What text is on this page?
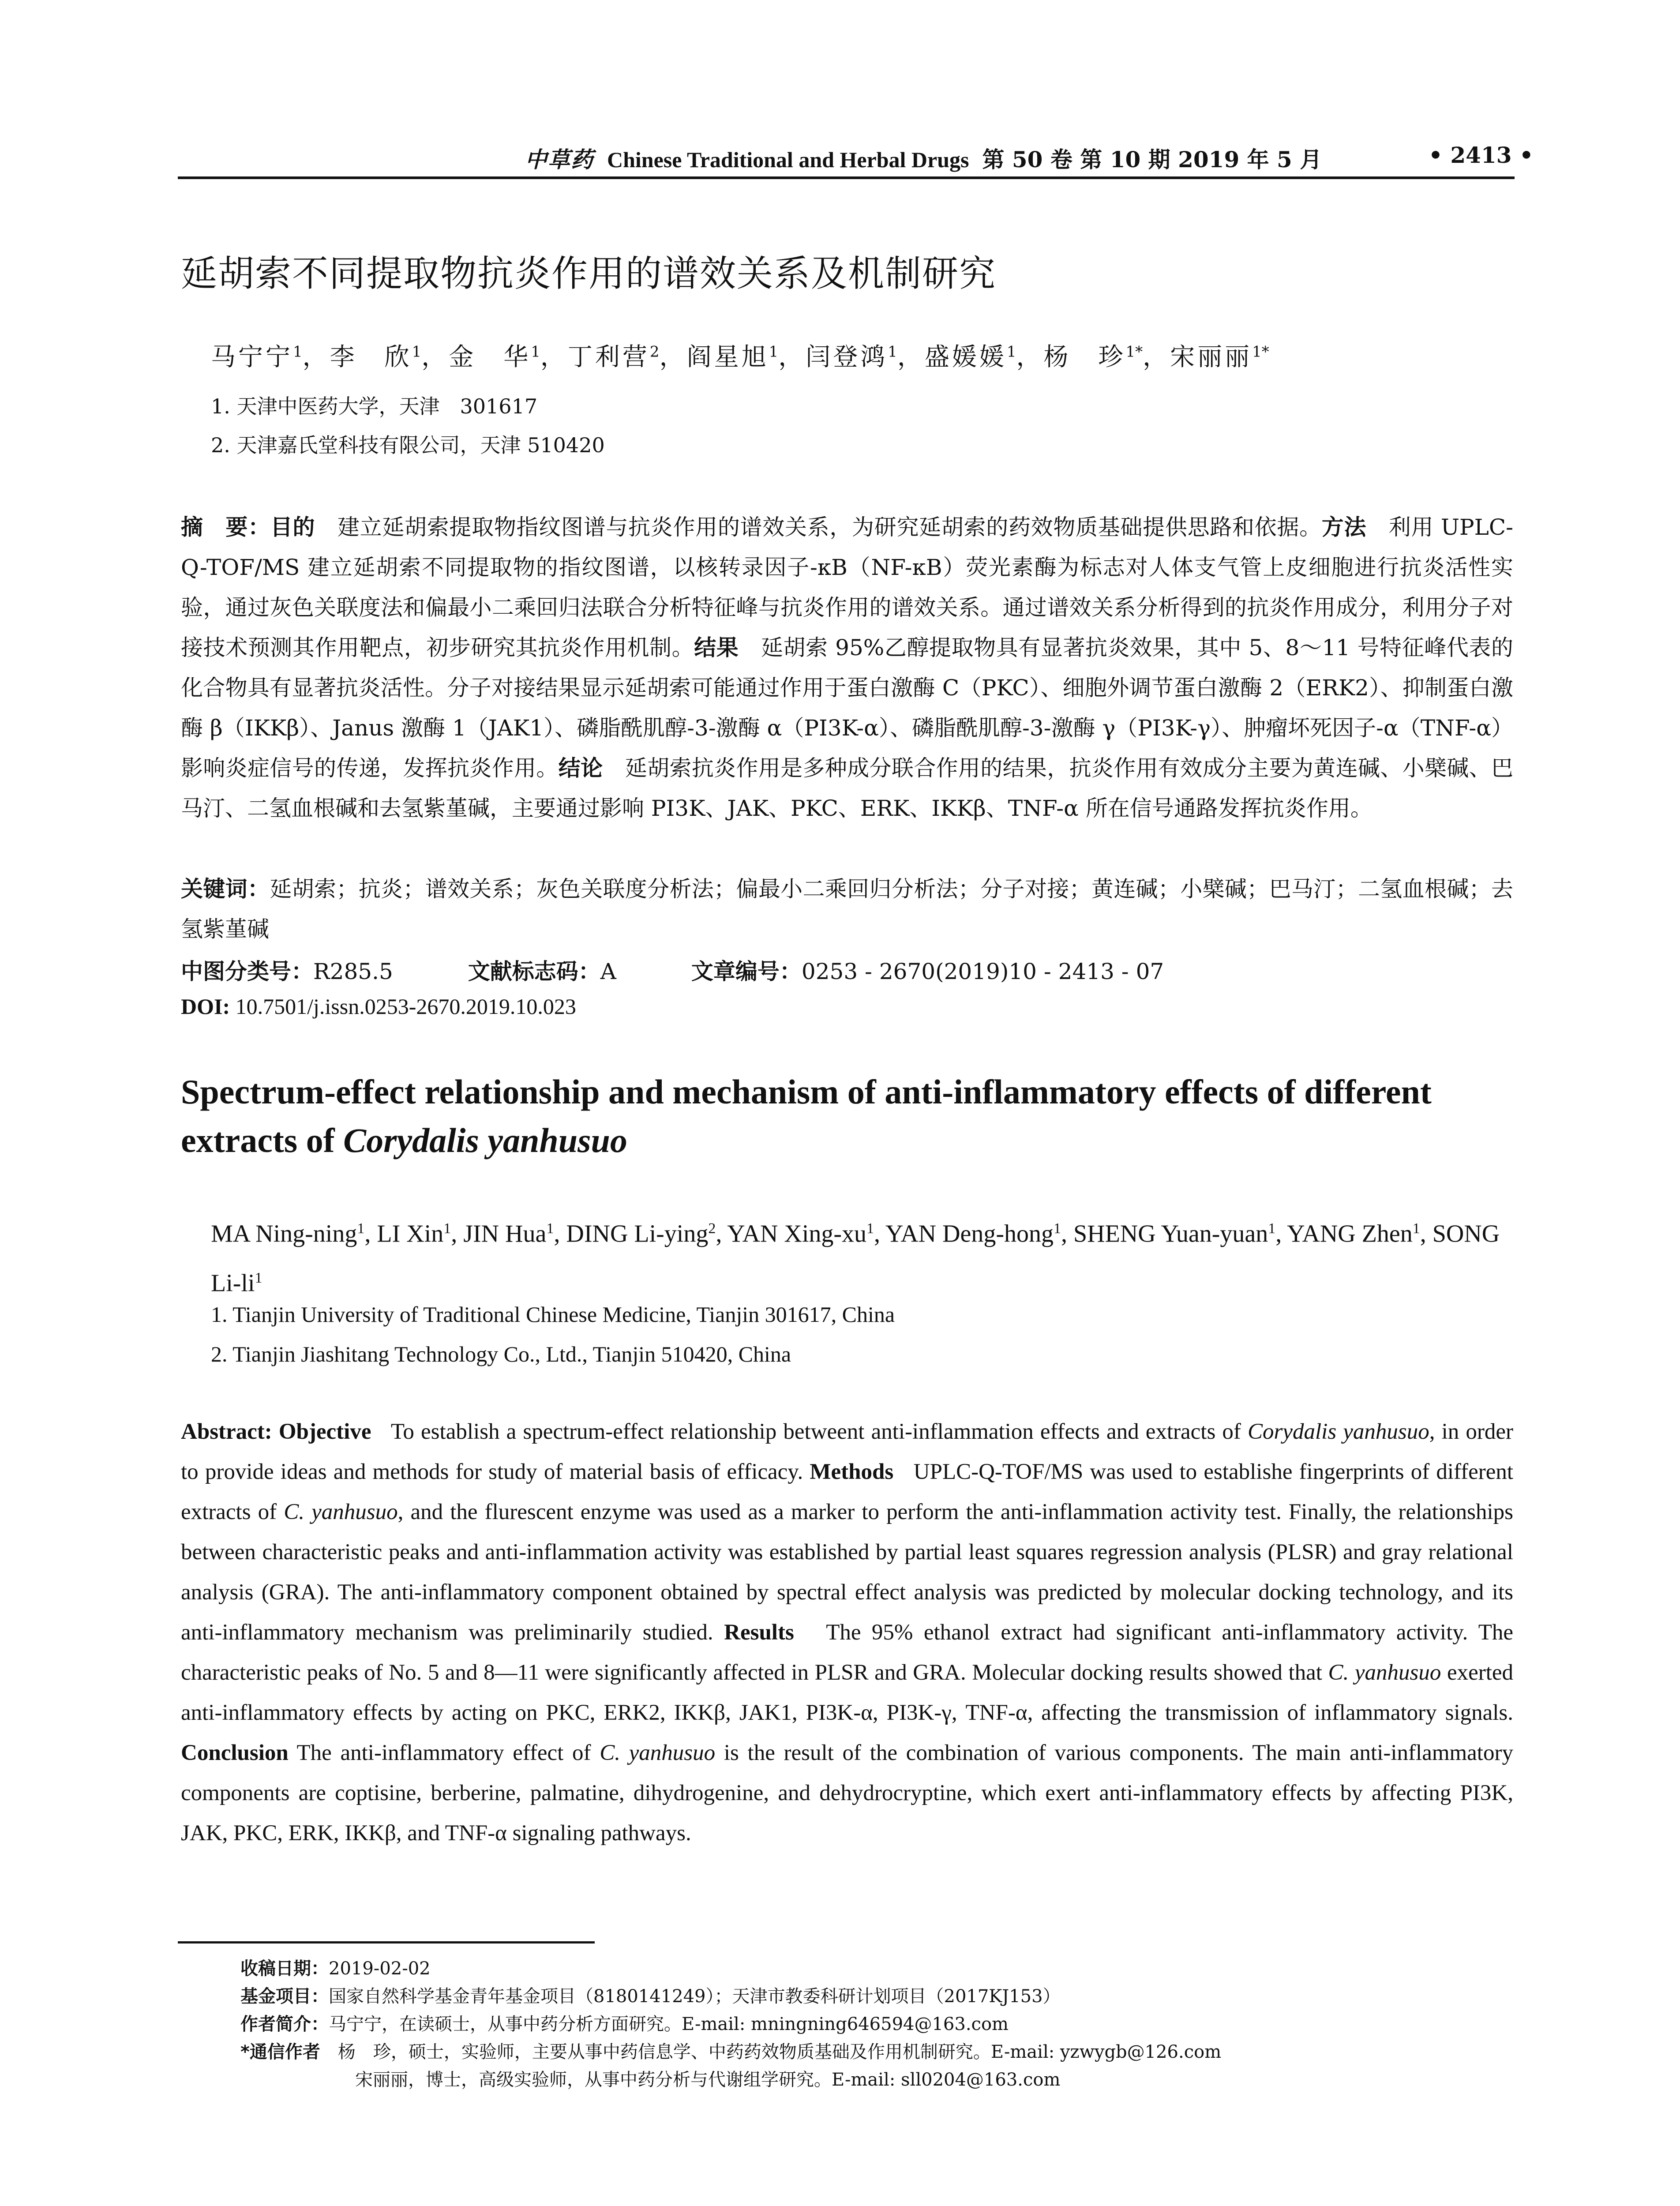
中草药 Chinese Traditional and Herbal Drugs 第 50 卷 第 10 期 2019 年 5 月	• 2413 •
延胡索不同提取物抗炎作用的谱效关系及机制研究
马宁宁$^1$，李　欣$^1$，金　华$^1$，丁利营$^2$，阎星旭$^1$，闫登鸿$^1$，盛媛媛$^1$，杨　珍$^{1*}$，宋丽丽$^{1*}$
1. 天津中医药大学，天津　301617
2. 天津嘉氏堂科技有限公司，天津 510420
摘　要：目的　 建立延胡索提取物指纹图谱与抗炎作用的谱效关系，为研究延胡索的药效物质基础提供思路和依据。方法　 利用 UPLC-Q-TOF/MS 建立延胡索不同提取物的指纹图谱，以核转录因子-κB（NF-κB）荧光素酶为标志对人体支气管上皮细胞进行抗炎活性实验，通过灰色关联度法和偏最小二乘回归法联合分析特征峰与抗炎作用的谱效关系。通过谱效关系分析得到的抗炎作用成分，利用分子对接技术预测其作用靶点，初步研究其抗炎作用机制。结果　 延胡索 95%乙醇提取物具有显著抗炎效果，其中 5、8～11 号特征峰代表的化合物具有显著抗炎活性。分子对接结果显示延胡索可能通过作用于蛋白激酶 C（PKC）、细胞外调节蛋白激酶 2（ERK2）、抑制蛋白激酶 β（IKKβ）、Janus 激酶 1（JAK1）、磷脂酰肌醇-3-激酶 α（PI3K-α）、磷脂酰肌醇-3-激酶 γ（PI3K-γ）、肿瘤坏死因子-α（TNF-α）影响炎症信号的传递，发挥抗炎作用。结论　 延胡索抗炎作用是多种成分联合作用的结果，抗炎作用有效成分主要为黄连碱、小檗碱、巴马汀、二氢血根碱和去氢紫堇碱，主要通过影响 PI3K、JAK、PKC、ERK、IKKβ、TNF-α 所在信号通路发挥抗炎作用。
关键词：延胡索；抗炎；谱效关系；灰色关联度分析法；偏最小二乘回归分析法；分子对接；黄连碱；小檗碱；巴马汀；二氢血根碱；去氢紫堇碱
中图分类号：R285.5	文献标志码：A	文章编号：0253 - 2670(2019)10 - 2413 - 07
DOI: 10.7501/j.issn.0253-2670.2019.10.023
Spectrum-effect relationship and mechanism of anti-inflammatory effects of different extracts of Corydalis yanhusuo
MA Ning-ning$^1$, LI Xin$^1$, JIN Hua$^1$, DING Li-ying$^2$, YAN Xing-$xu^1$, YAN Deng-hong$^1$, SHENG Yuan-yuan$^1$, YANG Zhen$^1$, SONG $Li-li^1$
1. Tianjin University of Traditional Chinese Medicine, Tianjin 301617, China
2. Tianjin Jiashitang Technology Co., Ltd., Tianjin 510420, China
Abstract: Objective To establish a spectrum-effect relationship betweent anti-inflammation effects and extracts of Corydalis yanhusuo, in order to provide ideas and methods for study of material basis of efficacy. Methods UPLC-Q-TOF/MS was used to establishe fingerprints of different extracts of C. yanhusuo, and the flurescent enzyme was used as a marker to perform the anti-inflammation activity test. Finally, the relationships between characteristic peaks and anti-inflammation activity was established by partial least squares regression analysis (PLSR) and gray relational analysis (GRA). The anti-inflammatory component obtained by spectral effect analysis was predicted by molecular docking technology, and its anti-inflammatory mechanism was preliminarily studied. Results The 95% ethanol extract had significant anti-inflammatory activity. The characteristic peaks of No. 5 and 8—11 were significantly affected in PLSR and GRA. Molecular docking results showed that C. yanhusuo exerted anti-inflammatory effects by acting on PKC, ERK2, IKKβ, JAK1, PI3K-α, PI3K-γ, TNF-α, affecting the transmission of inflammatory signals. Conclusion The anti-inflammatory effect of C. yanhusuo is the result of the combination of various components. The main anti-inflammatory components are coptisine, berberine, palmatine, dihydrogenine, and dehydrocryptine, which exert anti-inflammatory effects by affecting PI3K, JAK, PKC, ERK, IKKβ, and TNF-α signaling pathways.
收稿日期：2019-02-02
基金项目：国家自然科学基金青年基金项目（8180141249）；天津市教委科研计划项目（2017KJ153）
作者简介：马宁宁，在读硕士，从事中药分析方面研究。E-mail: mningning646594@163.com
*通信作者　 杨　珍，硕士，实验师，主要从事中药信息学、中药药效物质基础及作用机制研究。E-mail: yzwygb@126.com
宋丽丽，博士，高级实验师，从事中药分析与代谢组学研究。E-mail: sll0204@163.com
